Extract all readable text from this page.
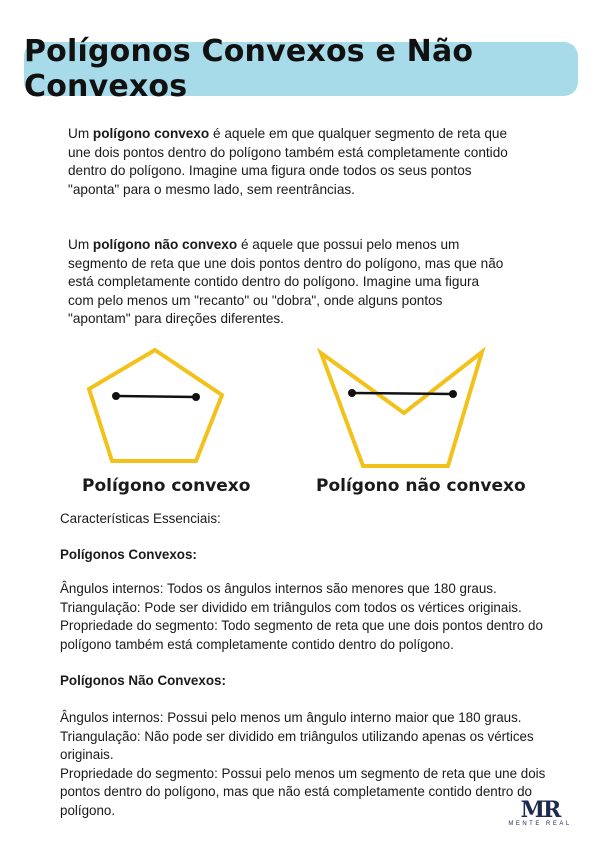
Polígonos Convexos e Não Convexos

Um polígono convexo é aquele em que qualquer segmento de reta que une dois pontos dentro do polígono também está completamente contido dentro do polígono. Imagine uma figura onde todos os seus pontos "aponta" para o mesmo lado, sem reentrâncias.

Um polígono não convexo é aquele que possui pelo menos um segmento de reta que une dois pontos dentro do polígono, mas que não está completamente contido dentro do polígono. Imagine uma figura com pelo menos um "recanto" ou "dobra", onde alguns pontos "apontam" para direções diferentes.

Polígono convexo	Polígono não convexo
Características Essenciais:
Polígonos Convexos:

Ângulos internos: Todos os ângulos internos são menores que 180 graus.

Triangulação: Pode ser dividido em triângulos com todos os vértices originais.

Propriedade do segmento: Todo segmento de reta que une dois pontos dentro do polígono também está completamente contido dentro do polígono.

Polígonos Não Convexos:

Ângulos internos: Possui pelo menos um ângulo interno maior que 180 graus.

Triangulação: Não pode ser dividido em triângulos utilizando apenas os vértices originais.

Propriedade do segmento: Possui pelo menos um segmento de reta que une dois pontos dentro do polígono, mas que não está completamente contido dentro do polígono.	MR
MENTE REAL
